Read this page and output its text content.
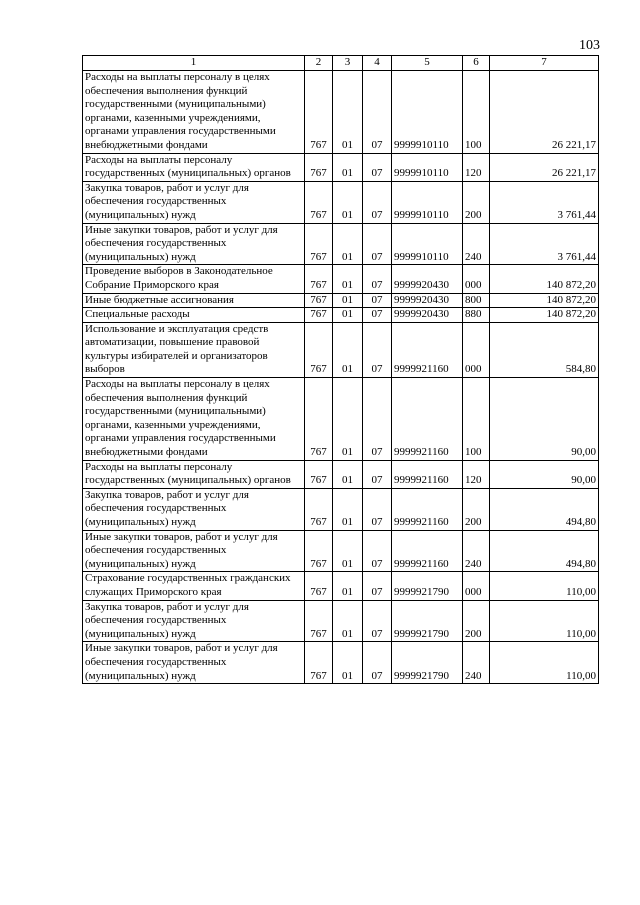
103
1	2	3	4	5	6	7
Расходы на выплаты персоналу в целях обеспечения выполнения функций государственными (муниципальными) органами, казенными учреждениями, органами управления государственными внебюджетными фондами	767	01	07	9999910110	100	26 221,17
Расходы на выплаты персоналу государственных (муниципальных) органов	767	01	07	9999910110	120	26 221,17
Закупка товаров, работ и услуг для обеспечения государственных (муниципальных) нужд	767	01	07	9999910110	200	3 761,44
Иные закупки товаров, работ и услуг для обеспечения государственных (муниципальных) нужд	767	01	07	9999910110	240	3 761,44
Проведение выборов в Законодательное Собрание Приморского края	767	01	07	9999920430	000	140 872,20
Иные бюджетные ассигнования	767	01	07	9999920430	800	140 872,20
Специальные расходы	767	01	07	9999920430	880	140 872,20
Использование и эксплуатация средств автоматизации, повышение правовой культуры избирателей и организаторов выборов	767	01	07	9999921160	000	584,80
Расходы на выплаты персоналу в целях обеспечения выполнения функций государственными (муниципальными) органами, казенными учреждениями, органами управления государственными внебюджетными фондами	767	01	07	9999921160	100	90,00
Расходы на выплаты персоналу государственных (муниципальных) органов	767	01	07	9999921160	120	90,00
Закупка товаров, работ и услуг для обеспечения государственных (муниципальных) нужд	767	01	07	9999921160	200	494,80
Иные закупки товаров, работ и услуг для обеспечения государственных (муниципальных) нужд	767	01	07	9999921160	240	494,80
Страхование государственных гражданских служащих Приморского края	767	01	07	9999921790	000	110,00
Закупка товаров, работ и услуг для обеспечения государственных (муниципальных) нужд	767	01	07	9999921790	200	110,00
Иные закупки товаров, работ и услуг для обеспечения государственных (муниципальных) нужд	767	01	07	9999921790	240	110,00
